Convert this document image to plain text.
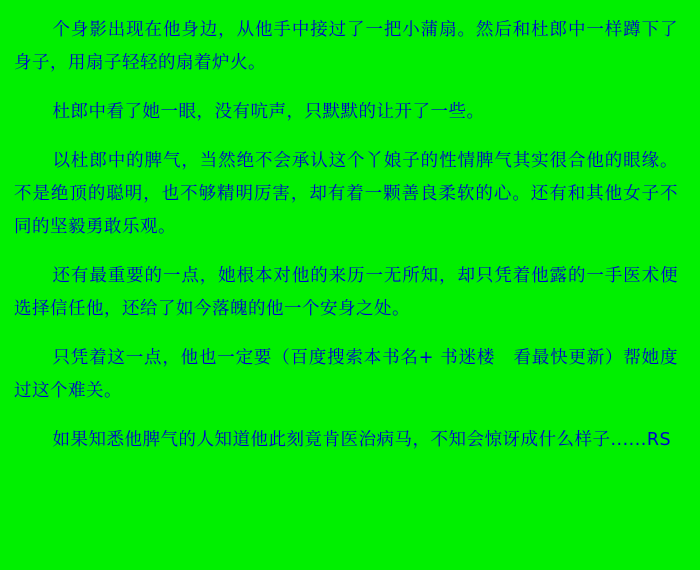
个身影出现在他身边，从他手中接过了一把小蒲扇。然后和杜郎中一样蹲下了身子，用扇子轻轻的扇着炉火。

杜郎中看了她一眼，没有吭声，只默默的让开了一些。

以杜郎中的脾气，当然绝不会承认这个丫娘子的性情脾气其实很合他的眼缘。不是绝顶的聪明，也不够精明厉害，却有着一颗善良柔软的心。还有和其他女子不同的坚毅勇敢乐观。

还有最重要的一点，她根本对他的来历一无所知，却只凭着他露的一手医术便选择信任他，还给了如今落魄的他一个安身之处。

只凭着这一点，他也一定要（百度搜索本书名+ 书迷楼　看最快更新）帮她度过这个难关。

如果知悉他脾气的人知道他此刻竟肯医治病马，不知会惊讶成什么样子......RS
